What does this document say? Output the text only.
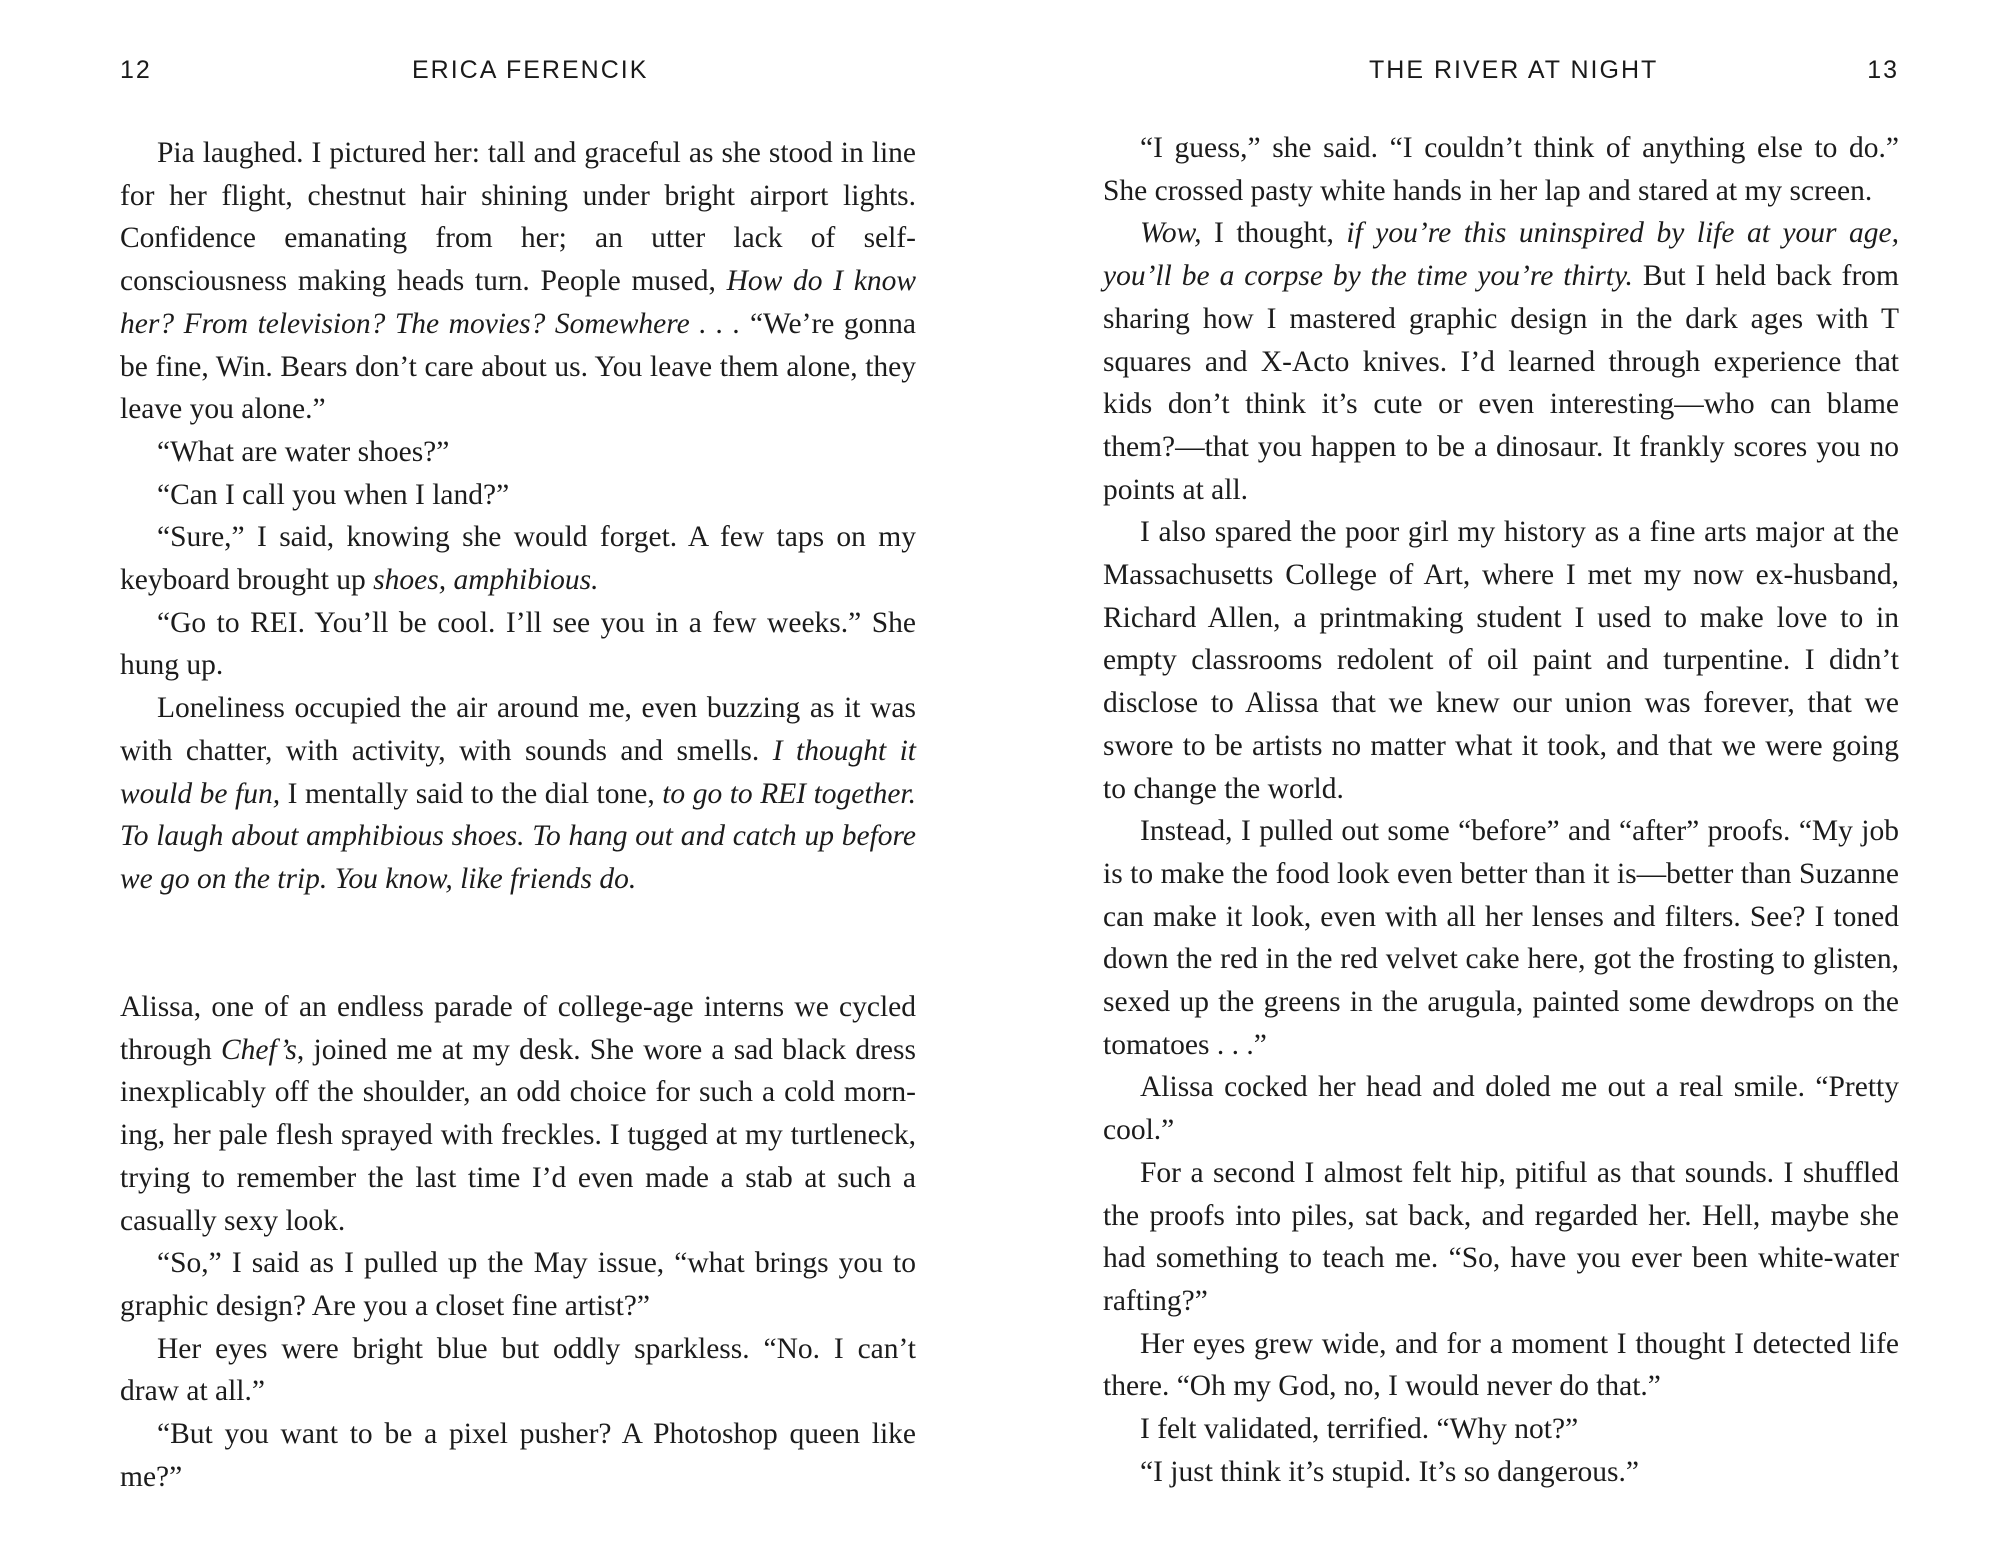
12	ERICA FERENCIK

Pia laughed. I pictured her: tall and graceful as she stood in line for her flight, chestnut hair shining under bright airport lights. Confidence emanating from her; an utter lack of self-consciousness making heads turn. People mused, How do I know her? From television? The movies? Somewhere . . . “We’re gonna be fine, Win. Bears don’t care about us. You leave them alone, they leave you alone.”

“What are water shoes?”

“Can I call you when I land?”

“Sure,” I said, knowing she would forget. A few taps on my keyboard brought up shoes, amphibious.

“Go to REI. You’ll be cool. I’ll see you in a few weeks.” She hung up.

Loneliness occupied the air around me, even buzzing as it was with chatter, with activity, with sounds and smells. I thought it would be fun, I mentally said to the dial tone, to go to REI together. To laugh about amphibious shoes. To hang out and catch up before we go on the trip. You know, like friends do.

Alissa, one of an endless parade of college-age interns we cycled through Chef’s, joined me at my desk. She wore a sad black dress inexplicably off the shoulder, an odd choice for such a cold morning, her pale flesh sprayed with freckles. I tugged at my turtleneck, trying to remember the last time I’d even made a stab at such a casually sexy look.

“So,” I said as I pulled up the May issue, “what brings you to graphic design? Are you a closet fine artist?”

Her eyes were bright blue but oddly sparkless. “No. I can’t draw at all.”

“But you want to be a pixel pusher? A Photoshop queen like me?”

THE RIVER AT NIGHT	13

“I guess,” she said. “I couldn’t think of anything else to do.” She crossed pasty white hands in her lap and stared at my screen.

Wow, I thought, if you’re this uninspired by life at your age, you’ll be a corpse by the time you’re thirty. But I held back from sharing how I mastered graphic design in the dark ages with T squares and X-Acto knives. I’d learned through experience that kids don’t think it’s cute or even interesting—who can blame them?—that you happen to be a dinosaur. It frankly scores you no points at all.

I also spared the poor girl my history as a fine arts major at the Massachusetts College of Art, where I met my now ex-husband, Richard Allen, a printmaking student I used to make love to in empty classrooms redolent of oil paint and turpentine. I didn’t disclose to Alissa that we knew our union was forever, that we swore to be artists no matter what it took, and that we were going to change the world.

Instead, I pulled out some “before” and “after” proofs. “My job is to make the food look even better than it is—better than Suzanne can make it look, even with all her lenses and filters. See? I toned down the red in the red velvet cake here, got the frosting to glisten, sexed up the greens in the arugula, painted some dewdrops on the tomatoes . . .”

Alissa cocked her head and doled me out a real smile. “Pretty cool.”

For a second I almost felt hip, pitiful as that sounds. I shuffled the proofs into piles, sat back, and regarded her. Hell, maybe she had something to teach me. “So, have you ever been white-water rafting?”

Her eyes grew wide, and for a moment I thought I detected life there. “Oh my God, no, I would never do that.”

I felt validated, terrified. “Why not?”

“I just think it’s stupid. It’s so dangerous.”
